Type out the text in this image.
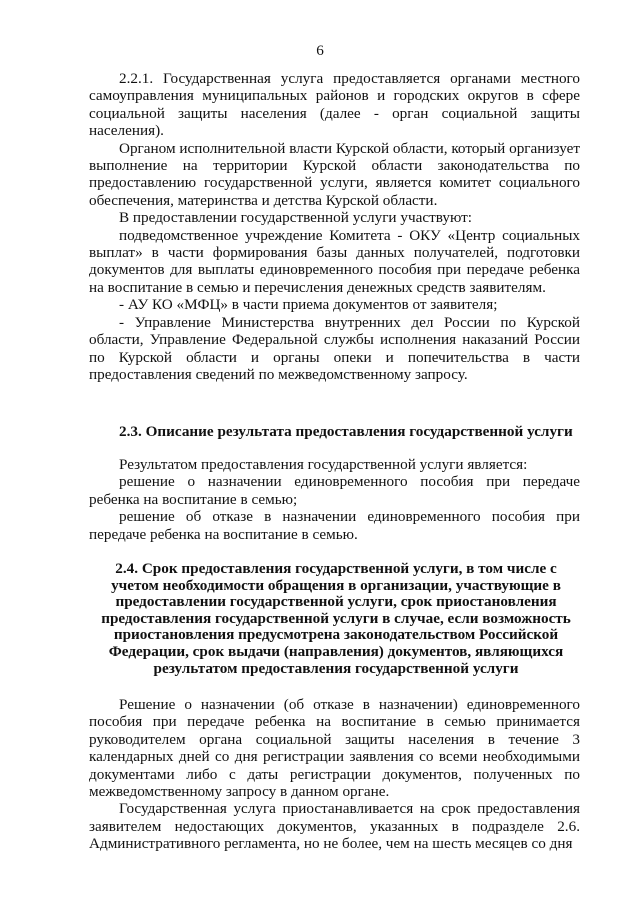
6

2.2.1. Государственная услуга предоставляется органами местного самоуправления муниципальных районов и городских округов в сфере социальной защиты населения (далее - орган социальной защиты населения).

Органом исполнительной власти Курской области, который организует выполнение на территории Курской области законодательства по предоставлению государственной услуги, является комитет социального обеспечения, материнства и детства Курской области.

В предоставлении государственной услуги участвуют:

подведомственное учреждение Комитета - ОКУ «Центр социальных выплат» в части формирования базы данных получателей, подготовки документов для выплаты единовременного пособия при передаче ребенка на воспитание в семью и перечисления денежных средств заявителям.

- АУ КО «МФЦ» в части приема документов от заявителя;

- Управление Министерства внутренних дел России по Курской области, Управление Федеральной службы исполнения наказаний России по Курской области и органы опеки и попечительства в части предоставления сведений по межведомственному запросу.

2.3. Описание результата предоставления государственной услуги

Результатом предоставления государственной услуги является:

решение о назначении единовременного пособия при передаче ребенка на воспитание в семью;

решение об отказе в назначении единовременного пособия при передаче ребенка на воспитание в семью.

2.4. Срок предоставления государственной услуги, в том числе с учетом необходимости обращения в организации, участвующие в предоставлении государственной услуги, срок приостановления предоставления государственной услуги в случае, если возможность приостановления предусмотрена законодательством Российской Федерации, срок выдачи (направления) документов, являющихся результатом предоставления государственной услуги

Решение о назначении (об отказе в назначении) единовременного пособия при передаче ребенка на воспитание в семью принимается руководителем органа социальной защиты населения в течение 3 календарных дней со дня регистрации заявления со всеми необходимыми документами либо с даты регистрации документов, полученных по межведомственному запросу в данном органе.

Государственная услуга приостанавливается на срок предоставления заявителем недостающих документов, указанных в подразделе 2.6. Административного регламента, но не более, чем на шесть месяцев со дня
